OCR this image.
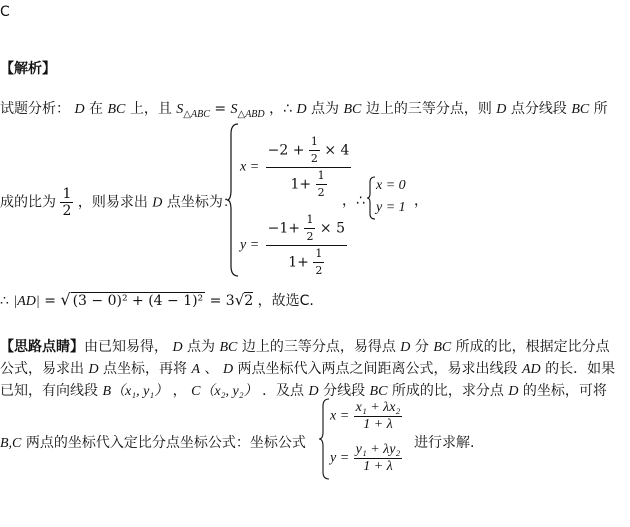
C
【解析】
试题分析： D 在 BC 上，且 $S_{\triangle ABC} = S_{\triangle ABD}$ ，∴ D 点为 BC 边上的三等分点，则 D 点分线段 BC 所
成的比为 $\frac{1}{2}$ ，则易求出 D 点坐标为：
$x = \frac{-2 + \frac{1}{2} \times 4}{1+ \frac{1}{2}}$
$y = \frac{-1+ \frac{1}{2} \times 5}{1+ \frac{1}{2}}$
，∴
x = 0
y = 1 ，
∴ |AD| = √ (3 − 0)² + (4 − 1)² = 3√2 ，故选C.
【思路点睛】由已知易得， D 点为 BC 边上的三等分点，易得点 D 分 BC 所成的比，根据定比分点
公式，易求出 D 点坐标，再将 A 、 D 两点坐标代入两点之间距离公式，易求出线段 AD 的长．如果
已知，有向线段 B（x₁, y₁） ， C（x₂, y₂） ．及点 D 分线段 BC 所成的比，求分点 D 的坐标，可将
B,C 两点的坐标代入定比分点坐标公式：坐标公式
$x = \frac{\text{x₁ + λx₂}}{1 + \lambda}$
$y = \frac{\text{y₁ + λy₂}}{1 + \lambda}$ 进行求解.
